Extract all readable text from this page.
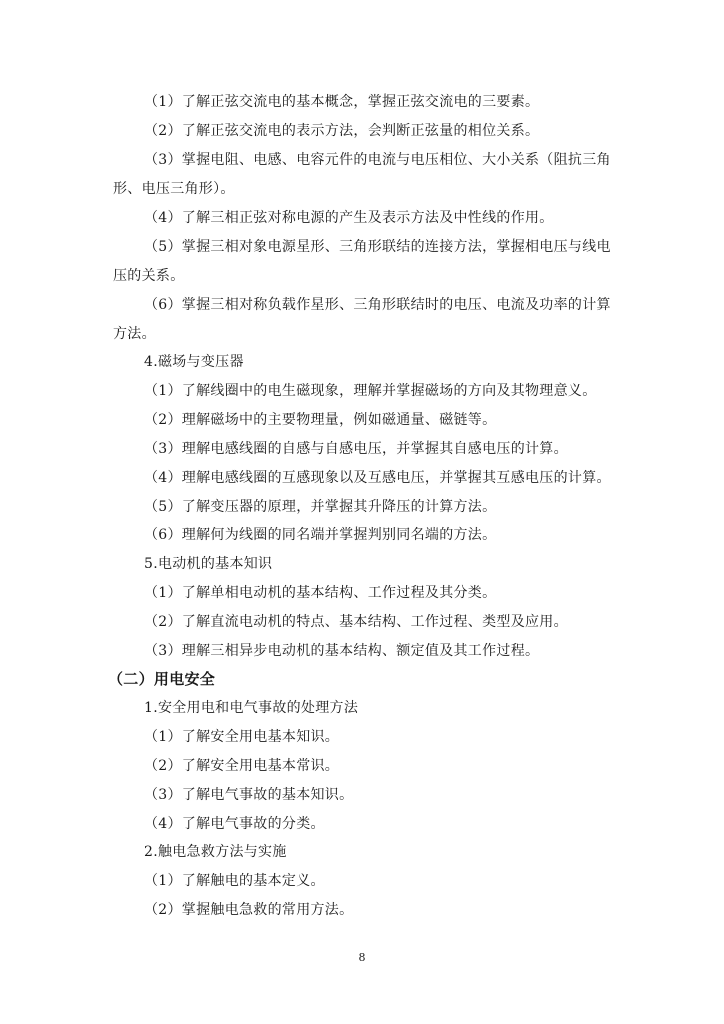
（1）了解正弦交流电的基本概念，掌握正弦交流电的三要素。
（2）了解正弦交流电的表示方法，会判断正弦量的相位关系。
（3）掌握电阻、电感、电容元件的电流与电压相位、大小关系（阻抗三角
形、电压三角形）。
（4）了解三相正弦对称电源的产生及表示方法及中性线的作用。
（5）掌握三相对象电源星形、三角形联结的连接方法，掌握相电压与线电
压的关系。
（6）掌握三相对称负载作星形、三角形联结时的电压、电流及功率的计算
方法。
4.磁场与变压器
（1）了解线圈中的电生磁现象，理解并掌握磁场的方向及其物理意义。
（2）理解磁场中的主要物理量，例如磁通量、磁链等。
（3）理解电感线圈的自感与自感电压，并掌握其自感电压的计算。
（4）理解电感线圈的互感现象以及互感电压，并掌握其互感电压的计算。
（5）了解变压器的原理，并掌握其升降压的计算方法。
（6）理解何为线圈的同名端并掌握判别同名端的方法。
5.电动机的基本知识
（1）了解单相电动机的基本结构、工作过程及其分类。
（2）了解直流电动机的特点、基本结构、工作过程、类型及应用。
（3）理解三相异步电动机的基本结构、额定值及其工作过程。
（二）用电安全
1.安全用电和电气事故的处理方法
（1）了解安全用电基本知识。
（2）了解安全用电基本常识。
（3）了解电气事故的基本知识。
（4）了解电气事故的分类。
2.触电急救方法与实施
（1）了解触电的基本定义。
（2）掌握触电急救的常用方法。
8
